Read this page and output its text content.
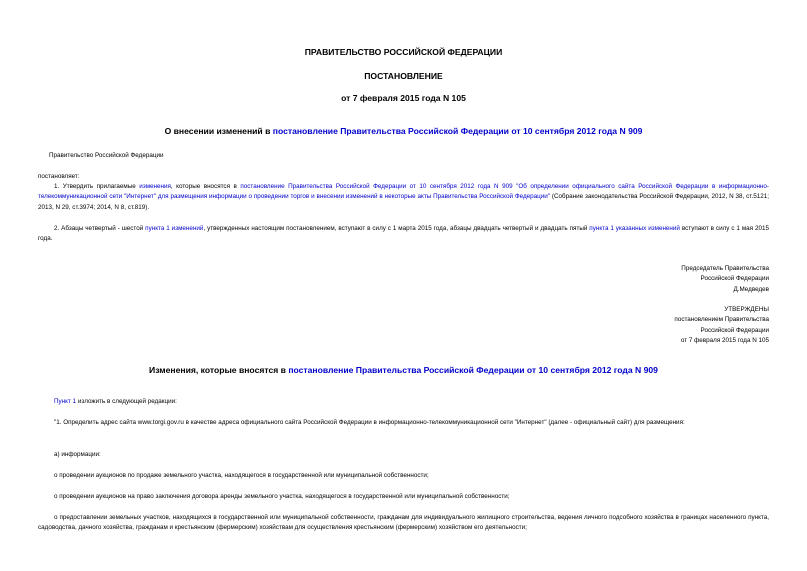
ПРАВИТЕЛЬСТВО РОССИЙСКОЙ ФЕДЕРАЦИИ
ПОСТАНОВЛЕНИЕ
от 7 февраля 2015 года N 105
О внесении изменений в постановление Правительства Российской Федерации от 10 сентября 2012 года N 909
Правительство Российской Федерации
постановляет:
1. Утвердить прилагаемые изменения, которые вносятся в постановление Правительства Российской Федерации от 10 сентября 2012 года N 909 "Об определении официального сайта Российской Федерации в информационно-телекоммуникационной сети "Интернет" для размещения информации о проведении торгов и внесении изменений в некоторые акты Правительства Российской Федерации" (Собрание законодательства Российской Федерации, 2012, N 38, ст.5121; 2013, N 29, ст.3974; 2014, N 8, ст.819).
2. Абзацы четвертый - шестой пункта 1 изменений, утвержденных настоящим постановлением, вступают в силу с 1 марта 2015 года, абзацы двадцать четвертый и двадцать пятый пункта 1 указанных изменений вступают в силу с 1 мая 2015 года.
Председатель Правительства
Российской Федерации
Д.Медведев
УТВЕРЖДЕНЫ
постановлением Правительства
Российской Федерации
от 7 февраля 2015 года N 105
Изменения, которые вносятся в постановление Правительства Российской Федерации от 10 сентября 2012 года N 909
Пункт 1 изложить в следующей редакции:
"1. Определить адрес сайта www.torgi.gov.ru в качестве адреса официального сайта Российской Федерации в информационно-телекоммуникационной сети "Интернет" (далее - официальный сайт) для размещения:
а) информации:
о проведении аукционов по продаже земельного участка, находящегося в государственной или муниципальной собственности;
о проведении аукционов на право заключения договора аренды земельного участка, находящегося в государственной или муниципальной собственности;
о предоставлении земельных участков, находящихся в государственной или муниципальной собственности, гражданам для индивидуального жилищного строительства, ведения личного подсобного хозяйства в границах населенного пункта, садоводства, дачного хозяйства, гражданам и крестьянским (фермерским) хозяйствам для осуществления крестьянским (фермерским) хозяйством его деятельности;
